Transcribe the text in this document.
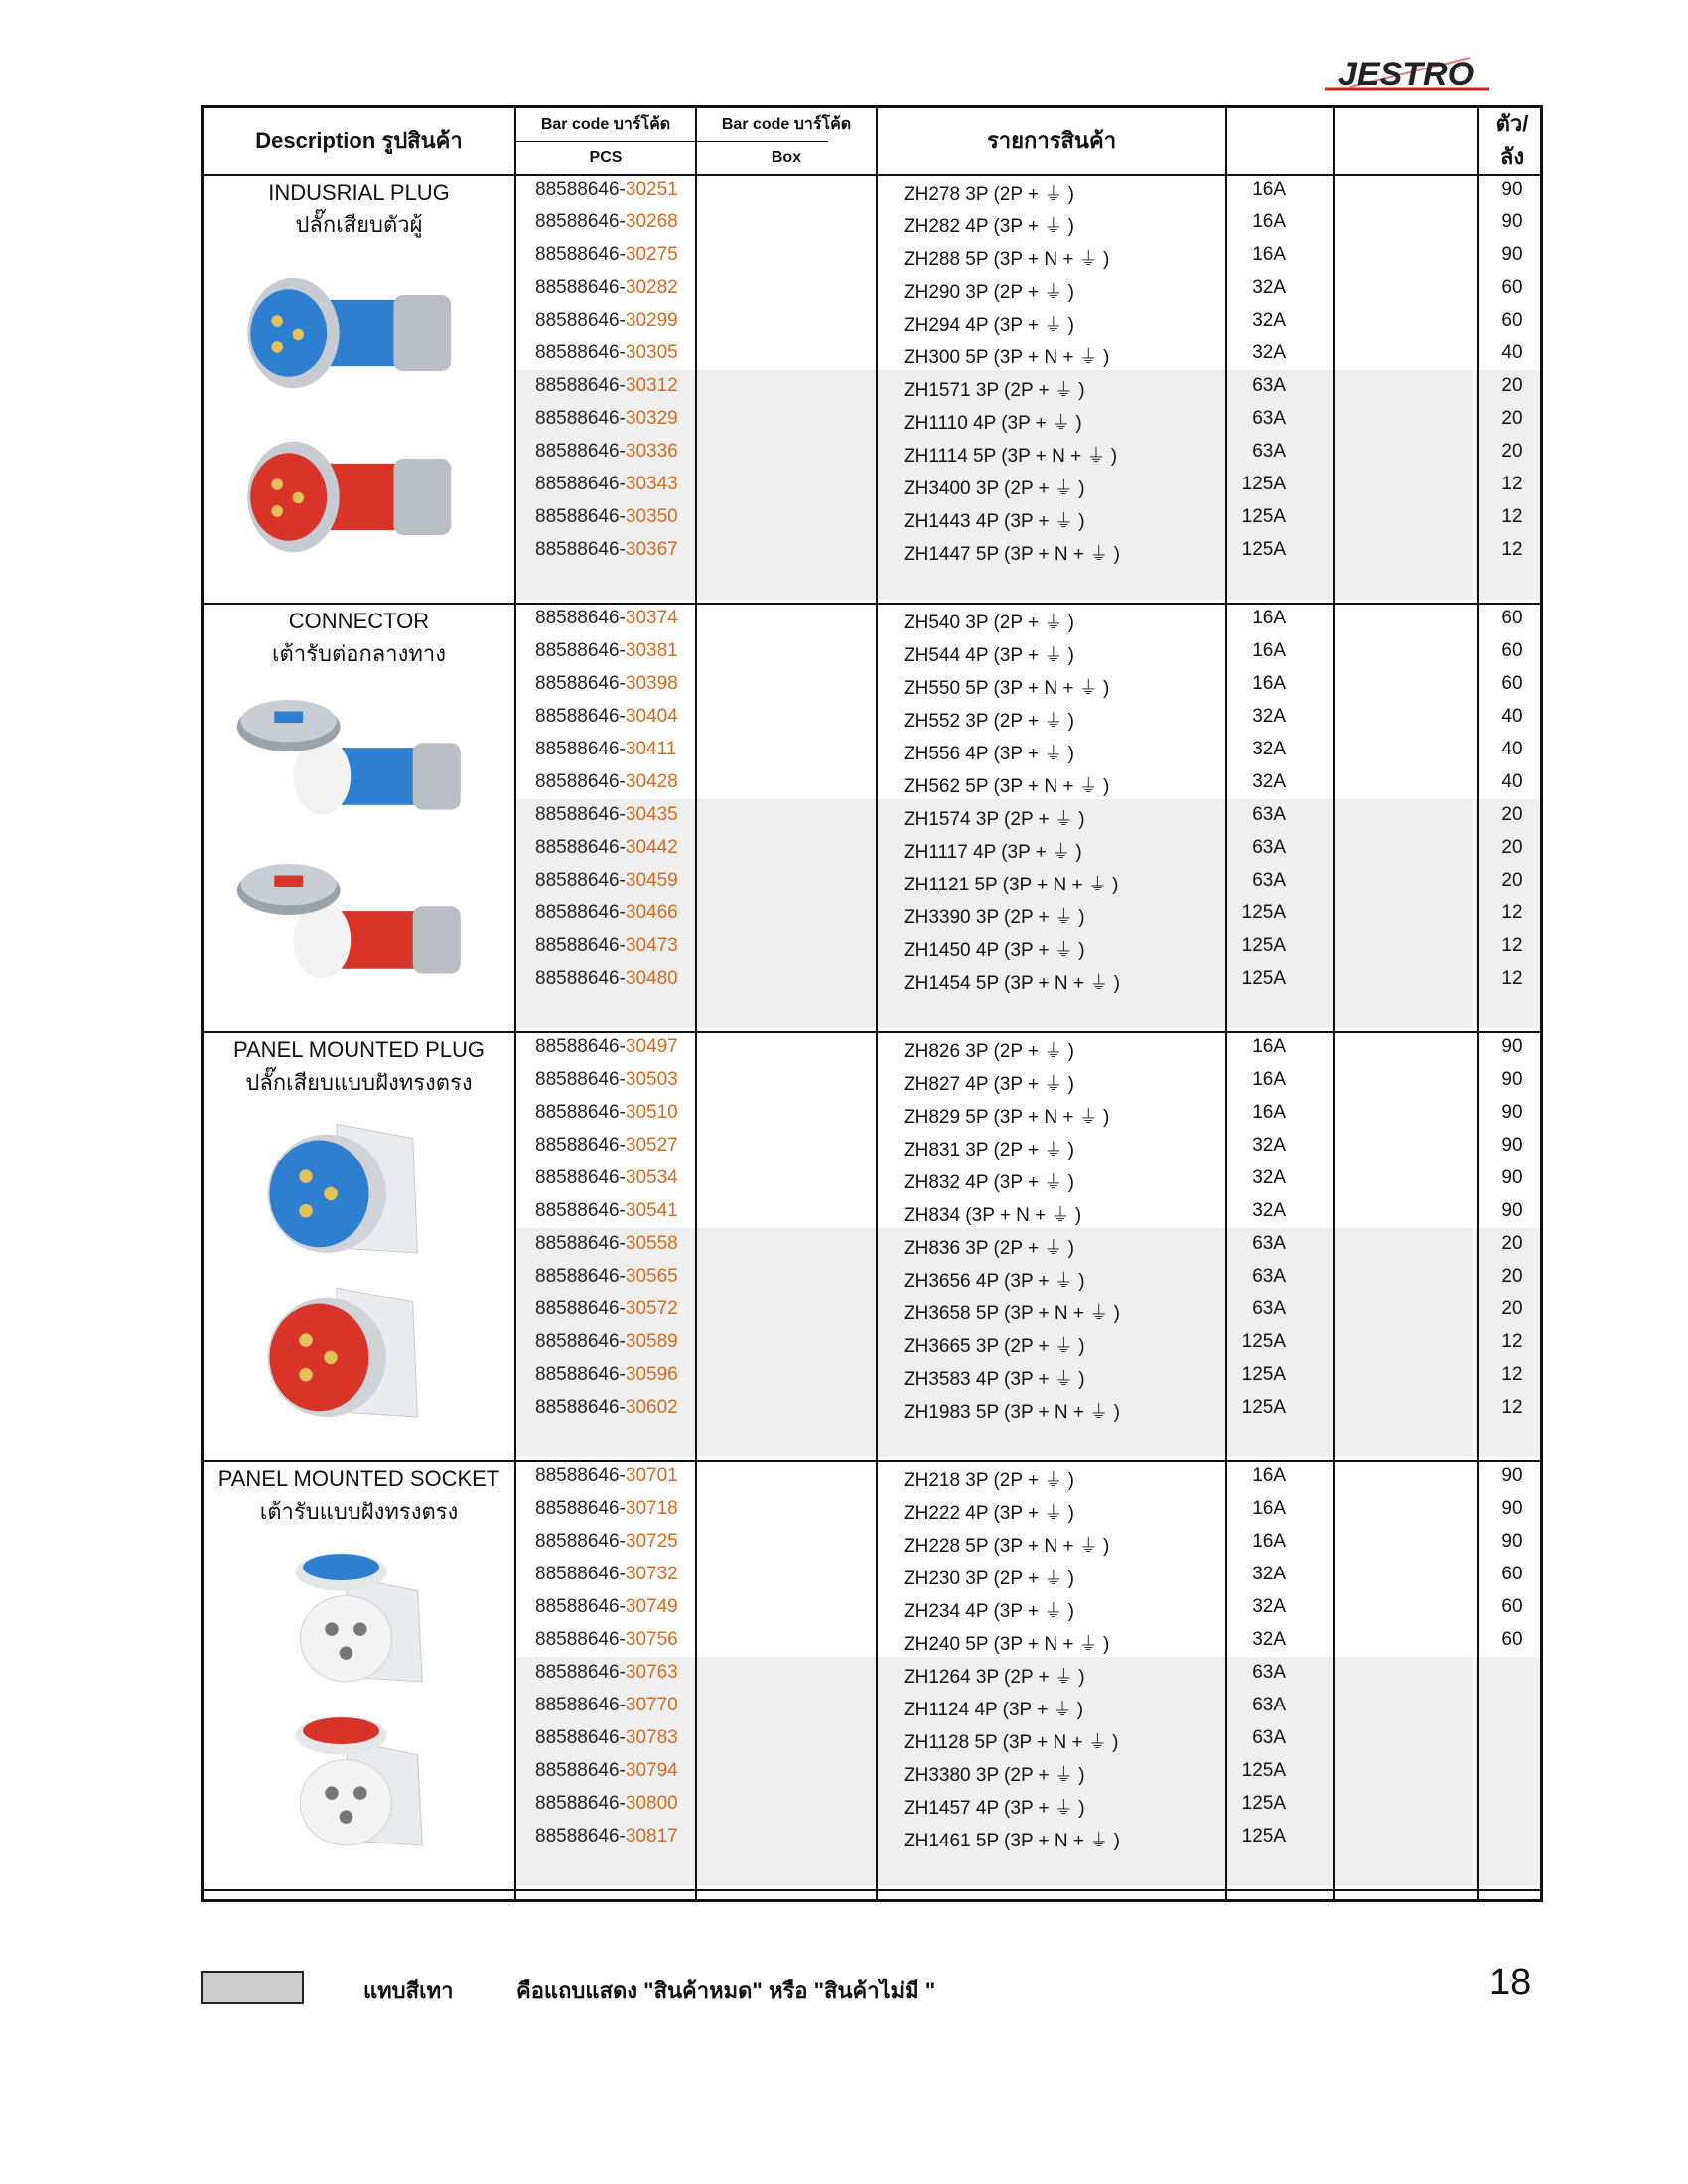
JESTRO
Description รูปสินค้า
Bar code บาร์โค้ด
PCS
Bar code บาร์โค้ด
Box
รายการสินค้า
ตัว/
ลัง
INDUSRIAL PLUG
ปลั๊กเสียบตัวผู้
88588646-30251	ZH278 3P (2P + ⏚ )	16A	90
88588646-30268	ZH282 4P (3P + ⏚ )	16A	90
88588646-30275	ZH288 5P (3P + N + ⏚ )	16A	90
88588646-30282	ZH290 3P (2P + ⏚ )	32A	60
88588646-30299	ZH294 4P (3P + ⏚ )	32A	60
88588646-30305	ZH300 5P (3P + N + ⏚ )	32A	40
88588646-30312	ZH1571 3P (2P + ⏚ )	63A	20
88588646-30329	ZH1110 4P (3P + ⏚ )	63A	20
88588646-30336	ZH1114 5P (3P + N + ⏚ )	63A	20
88588646-30343	ZH3400 3P (2P + ⏚ )	125A	12
88588646-30350	ZH1443 4P (3P + ⏚ )	125A	12
88588646-30367	ZH1447 5P (3P + N + ⏚ )	125A	12
CONNECTOR
เต้ารับต่อกลางทาง
88588646-30374	ZH540 3P (2P + ⏚ )	16A	60
88588646-30381	ZH544 4P (3P + ⏚ )	16A	60
88588646-30398	ZH550 5P (3P + N + ⏚ )	16A	60
88588646-30404	ZH552 3P (2P + ⏚ )	32A	40
88588646-30411	ZH556 4P (3P + ⏚ )	32A	40
88588646-30428	ZH562 5P (3P + N + ⏚ )	32A	40
88588646-30435	ZH1574 3P (2P + ⏚ )	63A	20
88588646-30442	ZH1117 4P (3P + ⏚ )	63A	20
88588646-30459	ZH1121 5P (3P + N + ⏚ )	63A	20
88588646-30466	ZH3390 3P (2P + ⏚ )	125A	12
88588646-30473	ZH1450 4P (3P + ⏚ )	125A	12
88588646-30480	ZH1454 5P (3P + N + ⏚ )	125A	12
PANEL MOUNTED PLUG
ปลั๊กเสียบแบบฝังทรงตรง
88588646-30497	ZH826 3P (2P + ⏚ )	16A	90
88588646-30503	ZH827 4P (3P + ⏚ )	16A	90
88588646-30510	ZH829 5P (3P + N + ⏚ )	16A	90
88588646-30527	ZH831 3P (2P + ⏚ )	32A	90
88588646-30534	ZH832 4P (3P + ⏚ )	32A	90
88588646-30541	ZH834 (3P + N + ⏚ )	32A	90
88588646-30558	ZH836 3P (2P + ⏚ )	63A	20
88588646-30565	ZH3656 4P (3P + ⏚ )	63A	20
88588646-30572	ZH3658 5P (3P + N + ⏚ )	63A	20
88588646-30589	ZH3665 3P (2P + ⏚ )	125A	12
88588646-30596	ZH3583 4P (3P + ⏚ )	125A	12
88588646-30602	ZH1983 5P (3P + N + ⏚ )	125A	12
PANEL MOUNTED SOCKET
เต้ารับแบบฝังทรงตรง
88588646-30701	ZH218 3P (2P + ⏚ )	16A	90
88588646-30718	ZH222 4P (3P + ⏚ )	16A	90
88588646-30725	ZH228 5P (3P + N + ⏚ )	16A	90
88588646-30732	ZH230 3P (2P + ⏚ )	32A	60
88588646-30749	ZH234 4P (3P + ⏚ )	32A	60
88588646-30756	ZH240 5P (3P + N + ⏚ )	32A	60
88588646-30763	ZH1264 3P (2P + ⏚ )	63A
88588646-30770	ZH1124 4P (3P + ⏚ )	63A
88588646-30783	ZH1128 5P (3P + N + ⏚ )	63A
88588646-30794	ZH3380 3P (2P + ⏚ )	125A
88588646-30800	ZH1457 4P (3P + ⏚ )	125A
88588646-30817	ZH1461 5P (3P + N + ⏚ )	125A
แทบสีเทา	คือแถบแสดง "สินค้าหมด" หรือ "สินค้าไม่มี "	18
